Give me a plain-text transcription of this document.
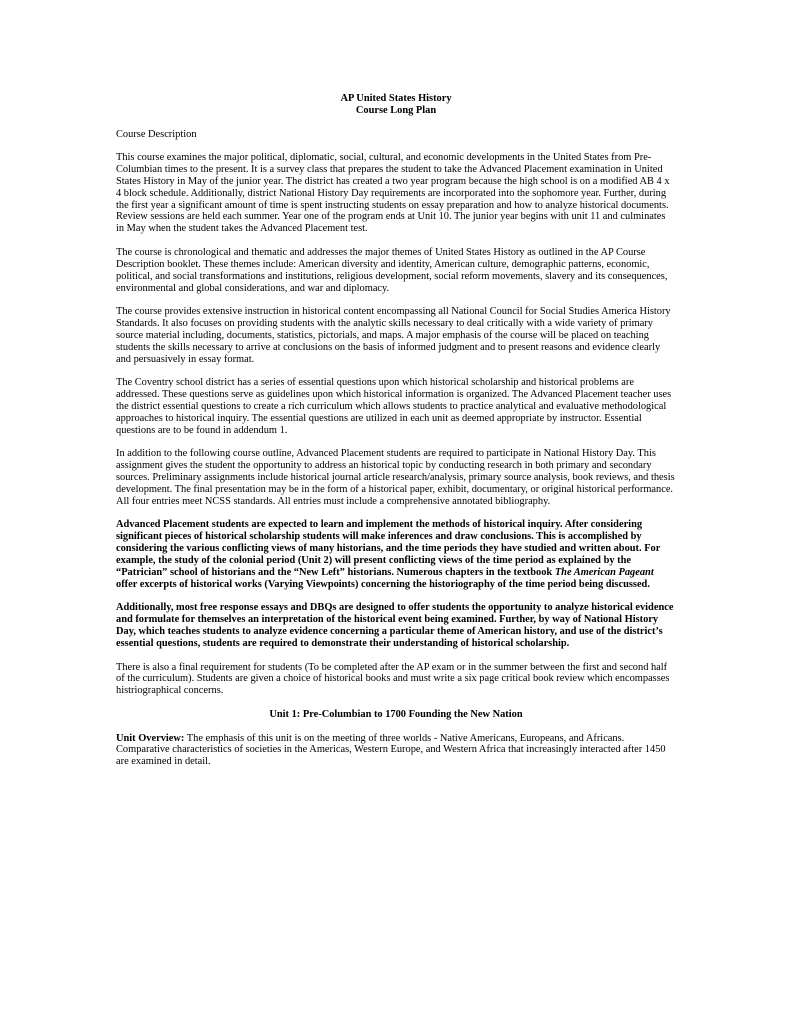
AP United States History

Course Long Plan

Course Description

This course examines the major political, diplomatic, social, cultural, and economic developments in the United States from Pre-Columbian times to the present. It is a survey class that prepares the student to take the Advanced Placement examination in United States History in May of the junior year. The district has created a two year program because the high school is on a modified AB 4 x 4 block schedule. Additionally, district National History Day requirements are incorporated into the sophomore year. Further, during the first year a significant amount of time is spent instructing students on essay preparation and how to analyze historical documents. Review sessions are held each summer. Year one of the program ends at Unit 10. The junior year begins with unit 11 and culminates in May when the student takes the Advanced Placement test.

The course is chronological and thematic and addresses the major themes of United States History as outlined in the AP Course Description booklet. These themes include: American diversity and identity, American culture, demographic patterns, economic, political, and social transformations and institutions, religious development, social reform movements, slavery and its consequences, environmental and global considerations, and war and diplomacy.

The course provides extensive instruction in historical content encompassing all National Council for Social Studies America History Standards. It also focuses on providing students with the analytic skills necessary to deal critically with a wide variety of primary source material including, documents, statistics, pictorials, and maps. A major emphasis of the course will be placed on teaching students the skills necessary to arrive at conclusions on the basis of informed judgment and to present reasons and evidence clearly and persuasively in essay format.

The Coventry school district has a series of essential questions upon which historical scholarship and historical problems are addressed. These questions serve as guidelines upon which historical information is organized. The Advanced Placement teacher uses the district essential questions to create a rich curriculum which allows students to practice analytical and evaluative methodological approaches to historical inquiry. The essential questions are utilized in each unit as deemed appropriate by instructor. Essential questions are to be found in addendum 1.

In addition to the following course outline, Advanced Placement students are required to participate in National History Day. This assignment gives the student the opportunity to address an historical topic by conducting research in both primary and secondary sources. Preliminary assignments include historical journal article research/analysis, primary source analysis, book reviews, and thesis development. The final presentation may be in the form of a historical paper, exhibit, documentary, or original historical performance. All four entries meet NCSS standards. All entries must include a comprehensive annotated bibliography.

Advanced Placement students are expected to learn and implement the methods of historical inquiry. After considering significant pieces of historical scholarship students will make inferences and draw conclusions. This is accomplished by considering the various conflicting views of many historians, and the time periods they have studied and written about. For example, the study of the colonial period (Unit 2) will present conflicting views of the time period as explained by the “Patrician” school of historians and the “New Left” historians. Numerous chapters in the textbook The American Pageant offer excerpts of historical works (Varying Viewpoints) concerning the historiography of the time period being discussed.

Additionally, most free response essays and DBQs are designed to offer students the opportunity to analyze historical evidence and formulate for themselves an interpretation of the historical event being examined. Further, by way of National History Day, which teaches students to analyze evidence concerning a particular theme of American history, and use of the district’s essential questions, students are required to demonstrate their understanding of historical scholarship.

There is also a final requirement for students (To be completed after the AP exam or in the summer between the first and second half of the curriculum). Students are given a choice of historical books and must write a six page critical book review which encompasses histriographical concerns.

Unit 1: Pre-Columbian to 1700 Founding the New Nation

Unit Overview: The emphasis of this unit is on the meeting of three worlds - Native Americans, Europeans, and Africans. Comparative characteristics of societies in the Americas, Western Europe, and Western Africa that increasingly interacted after 1450 are examined in detail.
